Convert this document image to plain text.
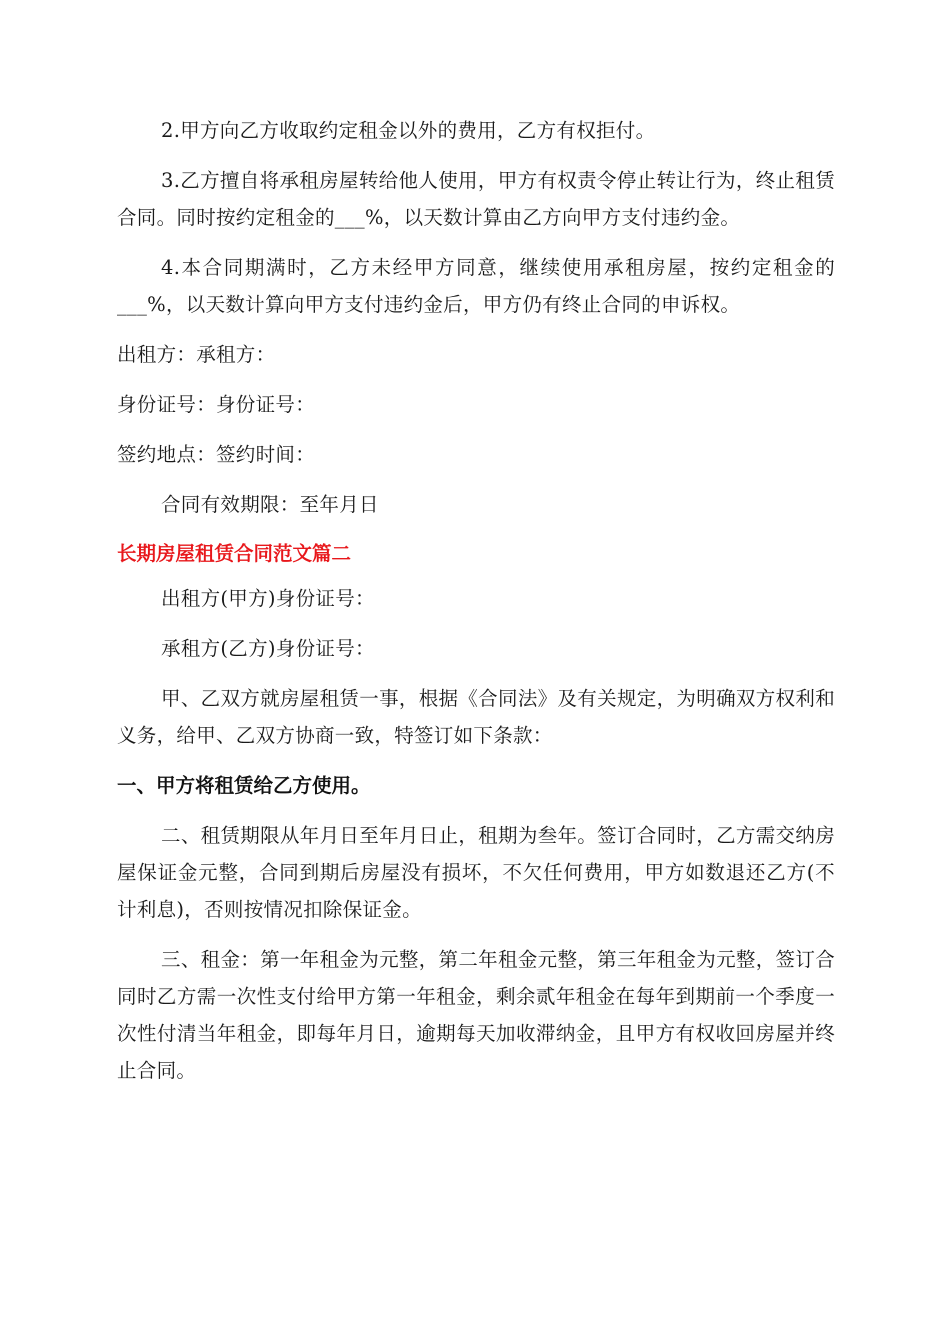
2.甲方向乙方收取约定租金以外的费用，乙方有权拒付。

3.乙方擅自将承租房屋转给他人使用，甲方有权责令停止转让行为，终止租赁合同。同时按约定租金的___%，以天数计算由乙方向甲方支付违约金。

4.本合同期满时，乙方未经甲方同意，继续使用承租房屋，按约定租金的___%，以天数计算向甲方支付违约金后，甲方仍有终止合同的申诉权。

出租方：承租方：

身份证号：身份证号：

签约地点：签约时间：

合同有效期限：至年月日

长期房屋租赁合同范文篇二

出租方(甲方)身份证号：

承租方(乙方)身份证号：

甲、乙双方就房屋租赁一事，根据《合同法》及有关规定，为明确双方权利和义务，给甲、乙双方协商一致，特签订如下条款：

一、甲方将租赁给乙方使用。

二、租赁期限从年月日至年月日止，租期为叁年。签订合同时，乙方需交纳房屋保证金元整，合同到期后房屋没有损坏，不欠任何费用，甲方如数退还乙方(不计利息)，否则按情况扣除保证金。

三、租金：第一年租金为元整，第二年租金元整，第三年租金为元整，签订合同时乙方需一次性支付给甲方第一年租金，剩余贰年租金在每年到期前一个季度一次性付清当年租金，即每年月日，逾期每天加收滞纳金，且甲方有权收回房屋并终止合同。
